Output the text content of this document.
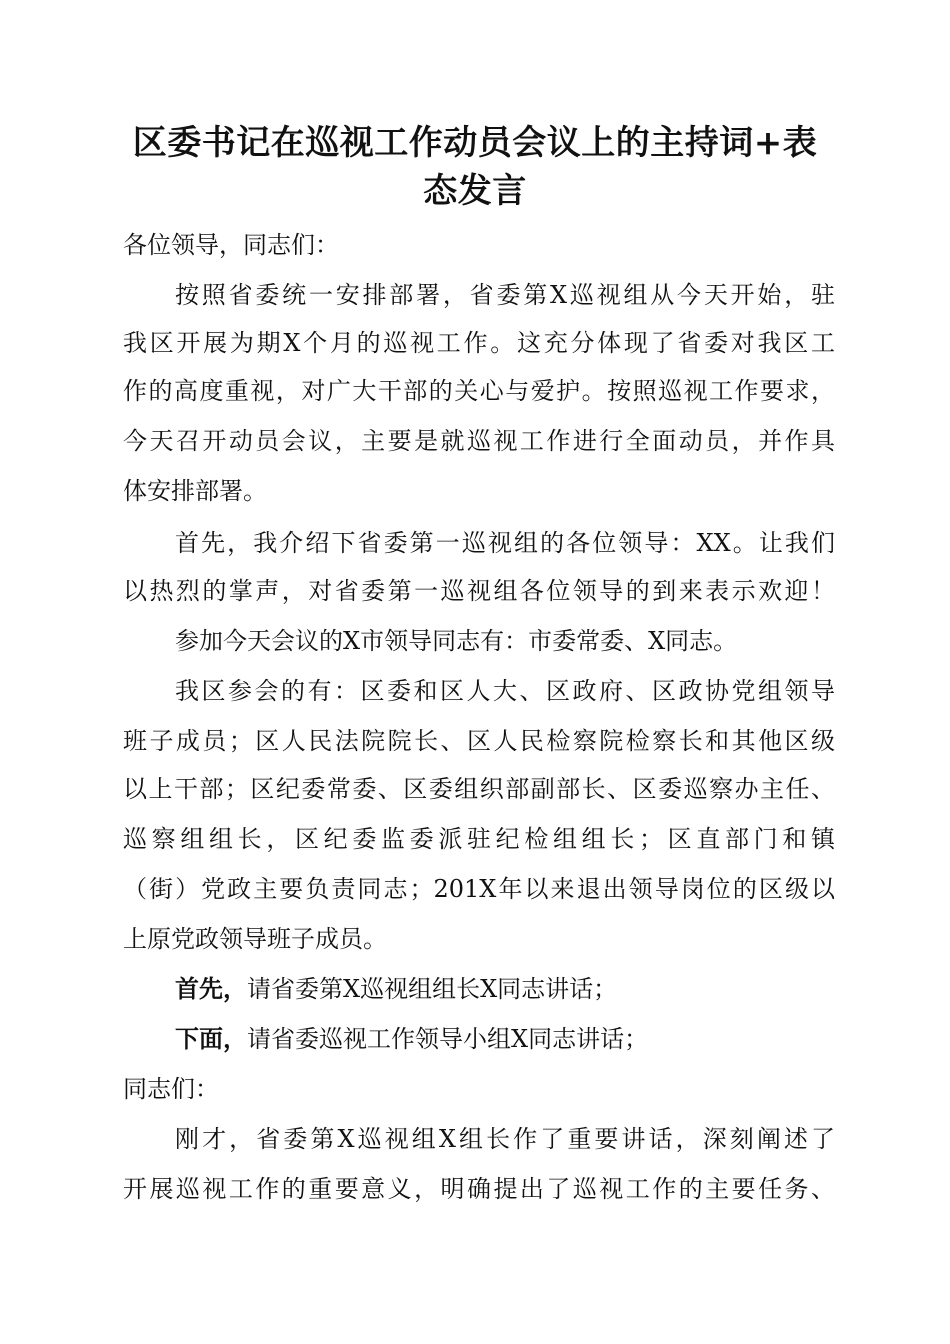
区委书记在巡视工作动员会议上的主持词+表
态发言
各位领导，同志们：
按照省委统一安排部署，省委第X巡视组从今天开始，驻
我区开展为期X个月的巡视工作。这充分体现了省委对我区工
作的高度重视，对广大干部的关心与爱护。按照巡视工作要求，
今天召开动员会议，主要是就巡视工作进行全面动员，并作具
体安排部署。
首先，我介绍下省委第一巡视组的各位领导：XX。让我们
以热烈的掌声，对省委第一巡视组各位领导的到来表示欢迎！
参加今天会议的X市领导同志有：市委常委、X同志。
我区参会的有：区委和区人大、区政府、区政协党组领导
班子成员；区人民法院院长、区人民检察院检察长和其他区级
以上干部；区纪委常委、区委组织部副部长、区委巡察办主任、
巡察组组长，区纪委监委派驻纪检组组长；区直部门和镇
（街）党政主要负责同志；201X年以来退出领导岗位的区级以
上原党政领导班子成员。
首先，请省委第X巡视组组长X同志讲话；
下面，请省委巡视工作领导小组X同志讲话；
同志们：
刚才，省委第X巡视组X组长作了重要讲话，深刻阐述了
开展巡视工作的重要意义，明确提出了巡视工作的主要任务、
